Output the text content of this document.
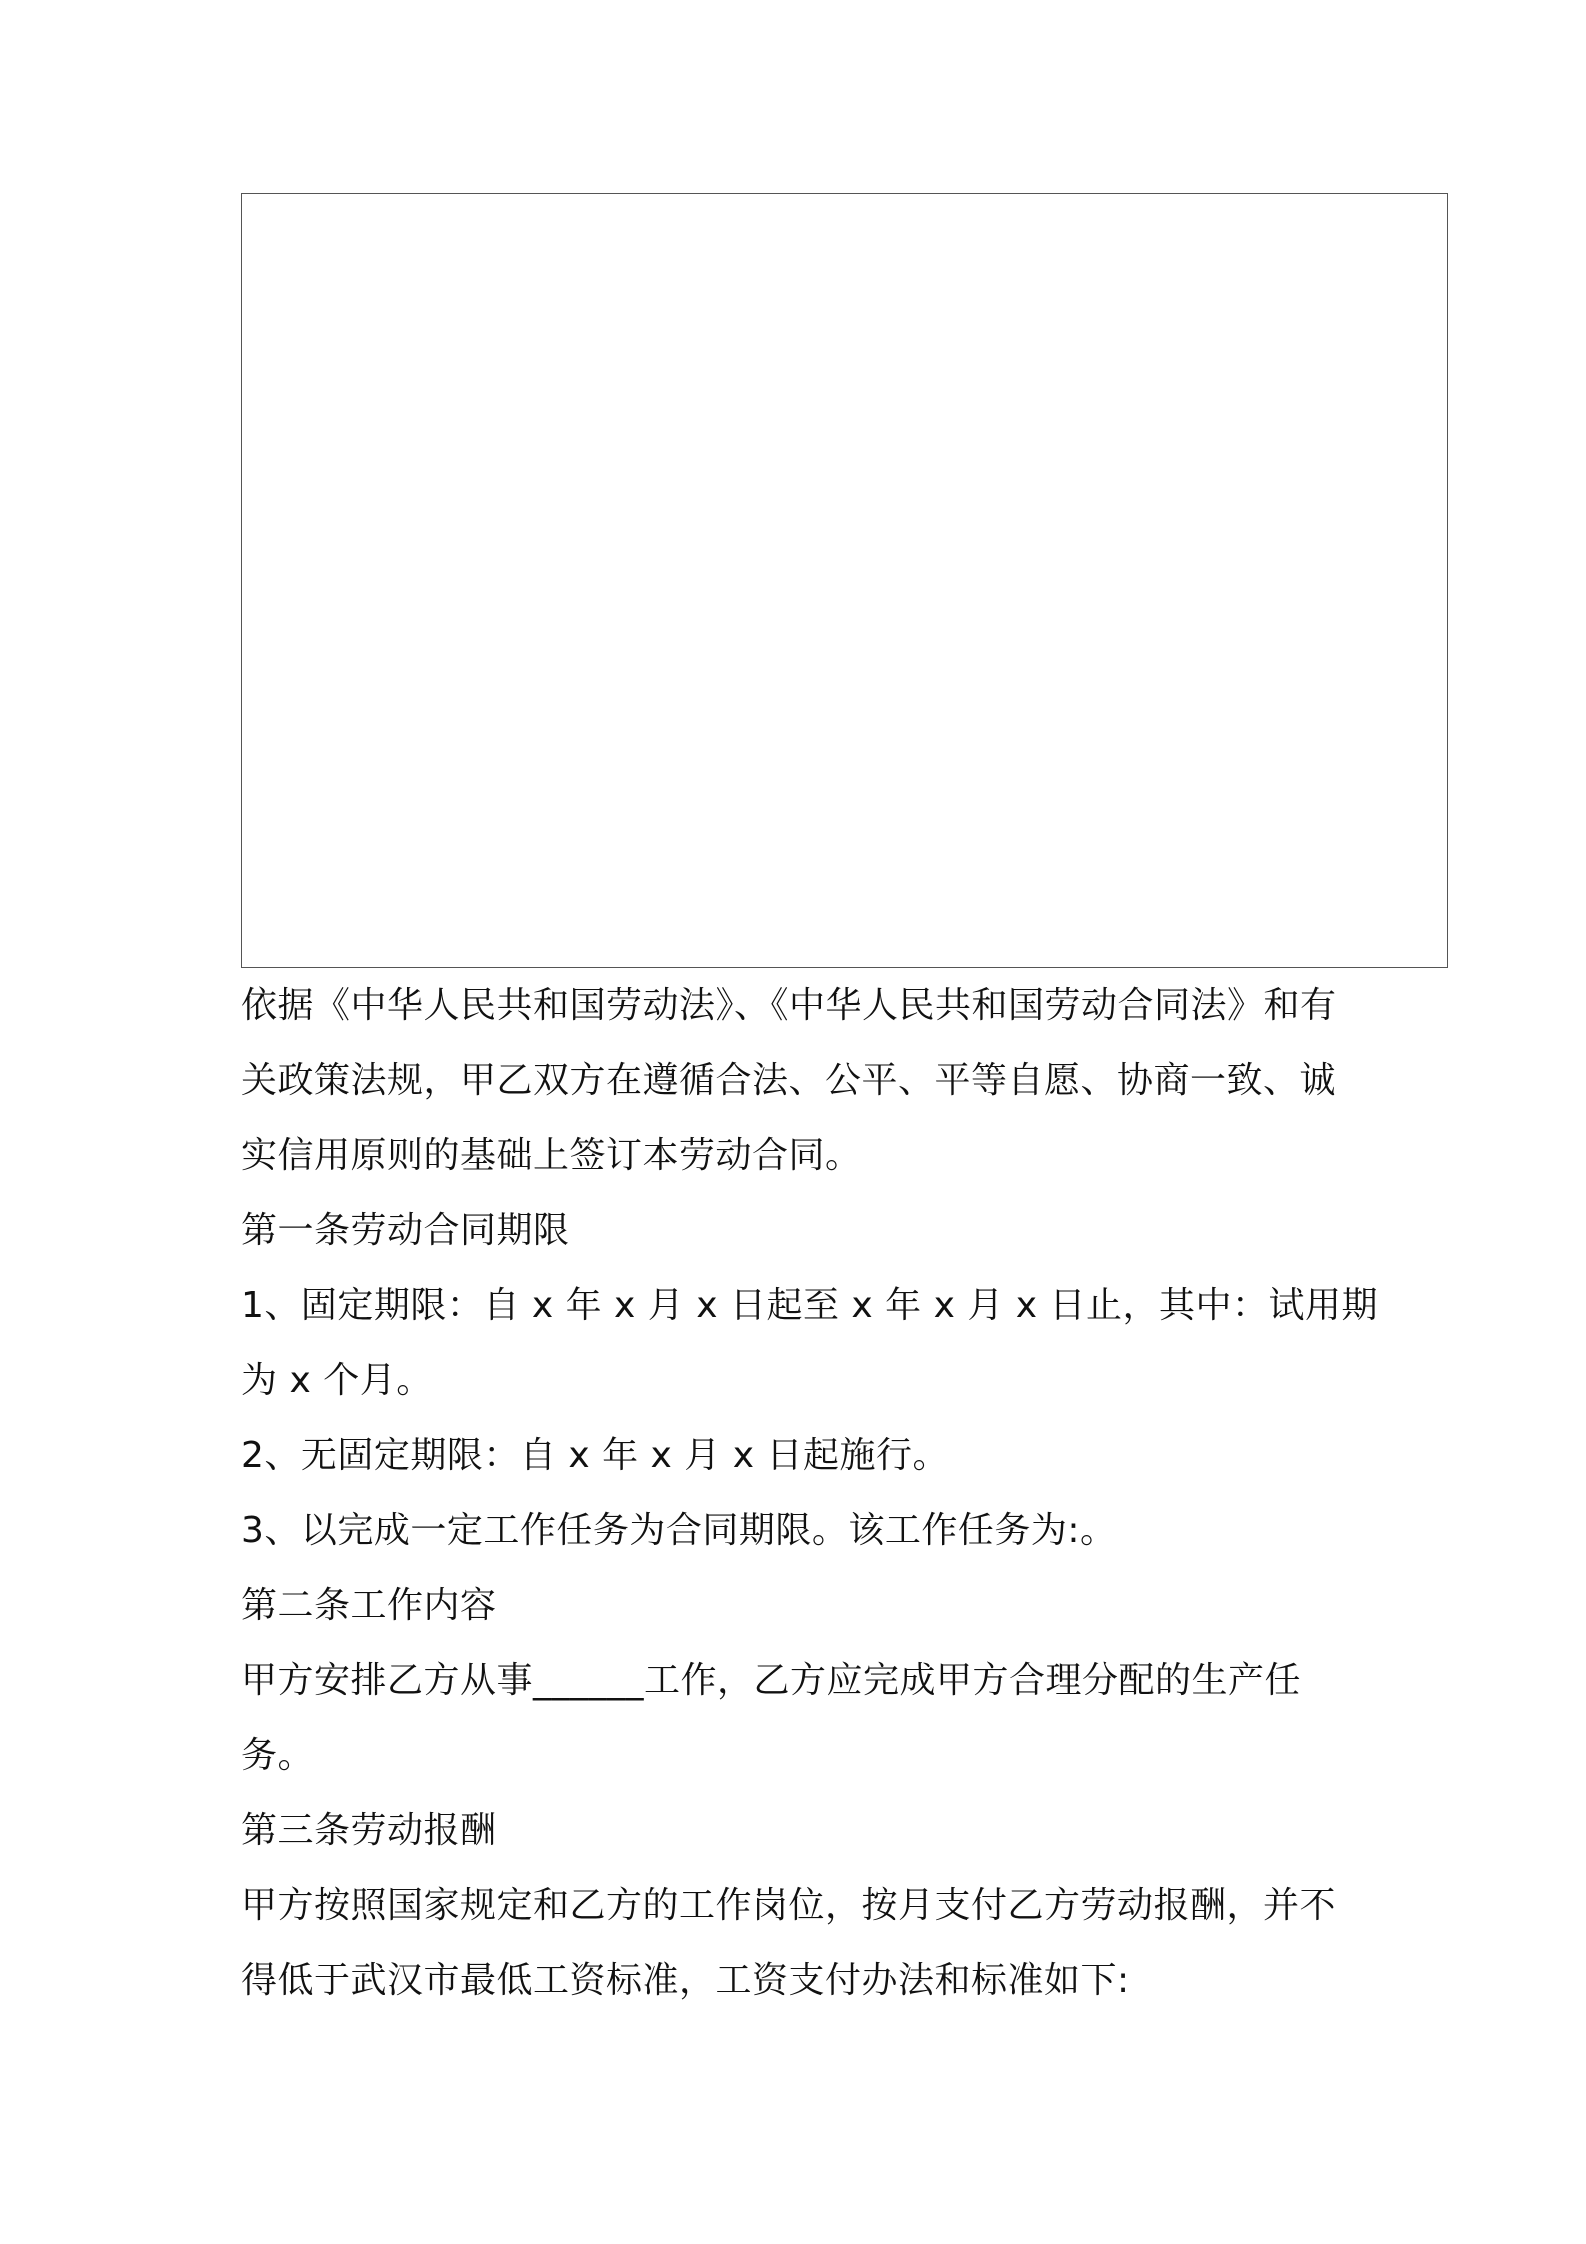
依据《中华人民共和国劳动法》、《中华人民共和国劳动合同法》和有
关政策法规，甲乙双方在遵循合法、公平、平等自愿、协商一致、诚
实信用原则的基础上签订本劳动合同。
第一条劳动合同期限
1、固定期限：自 x 年 x 月 x 日起至 x 年 x 月 x 日止，其中：试用期
为 x 个月。
2、无固定期限：自 x 年 x 月 x 日起施行。
3、以完成一定工作任务为合同期限。该工作任务为:。
第二条工作内容
甲方安排乙方从事______工作，乙方应完成甲方合理分配的生产任
务。
第三条劳动报酬
甲方按照国家规定和乙方的工作岗位，按月支付乙方劳动报酬，并不
得低于武汉市最低工资标准，工资支付办法和标准如下:
